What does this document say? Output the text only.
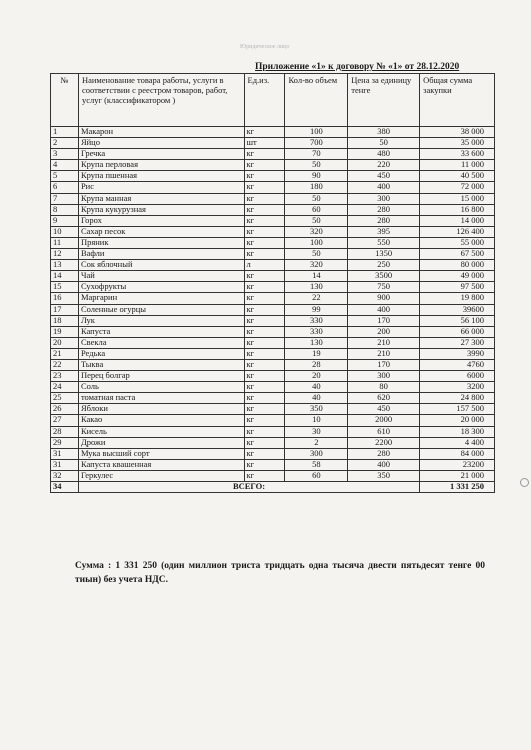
Юридическое лицо
Приложение «1» к договору № «1» от 28.12.2020
№	Наименование товара работы, услуги в соответствии с реестром товаров, работ, услуг (классификатором )	Ед.из.	Кол-во объем	Цена за единицу тенге	Общая сумма закупки
1	Макарон	кг	100	380	38 000
2	Яйцо	шт	700	50	35 000
3	Гречка	кг	70	480	33 600
4	Крупа перловая	кг	50	220	11 000
5	Крупа пшенная	кг	90	450	40 500
6	Рис	кг	180	400	72 000
7	Крупа манная	кг	50	300	15 000
8	Крупа кукурузная	кг	60	280	16 800
9	Горох	кг	50	280	14 000
10	Сахар песок	кг	320	395	126 400
11	Пряник	кг	100	550	55 000
12	Вафли	кг	50	1350	67 500
13	Сок яблочный	л	320	250	80 000
14	Чай	кг	14	3500	49 000
15	Сухофрукты	кг	130	750	97 500
16	Маргарин	кг	22	900	19 800
17	Соленные огурцы	кг	99	400	39600
18	Лук	кг	330	170	56 100
19	Капуста	кг	330	200	66 000
20	Свекла	кг	130	210	27 300
21	Редька	кг	19	210	3990
22	Тыква	кг	28	170	4760
23	Перец болгар	кг	20	300	6000
24	Соль	кг	40	80	3200
25	томатная паста	кг	40	620	24 800
26	Яблоки	кг	350	450	157 500
27	Какао	кг	10	2000	20 000
28	Кисель	кг	30	610	18 300
29	Дрожи	кг	2	2200	4 400
31	Мука высший сорт	кг	300	280	84 000
31	Капуста квашенная	кг	58	400	23200
32	Геркулес	кг	60	350	21 000
34	ВСЕГО:				1 331 250
Сумма : 1 331 250 (один миллион триста тридцать одна тысяча двести пятьдесят тенге 00 тиын) без учета НДС.
